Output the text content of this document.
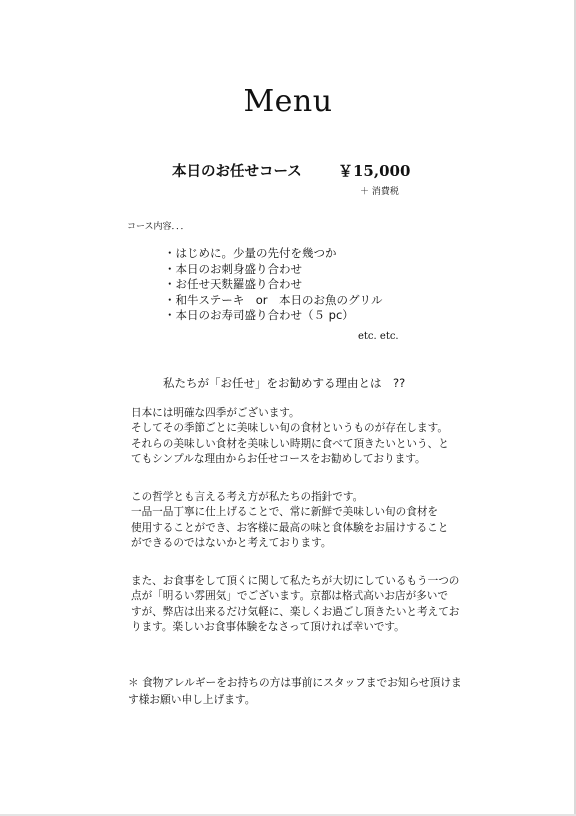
Menu
本日のお任せコース ￥15,000
＋ 消費税
コース内容．．．
・はじめに。少量の先付を幾つか
・本日のお刺身盛り合わせ
・お任せ天麩羅盛り合わせ
・和牛ステーキ　or　本日のお魚のグリル
・本日のお寿司盛り合わせ（５ pc）
etc. etc.
私たちが「お任せ」をお勧めする理由とは　??

日本には明確な四季がございます。
そしてその季節ごとに美味しい旬の食材というものが存在します。
それらの美味しい食材を美味しい時期に食べて頂きたいという、と
てもシンプルな理由からお任せコースをお勧めしております。

この哲学とも言える考え方が私たちの指針です。
一品一品丁寧に仕上げることで、常に新鮮で美味しい旬の食材を
使用することができ、お客様に最高の味と食体験をお届けすること
ができるのではないかと考えております。

また、お食事をして頂くに関して私たちが大切にしているもう一つの
点が「明るい雰囲気」でございます。京都は格式高いお店が多いで
すが、弊店は出来るだけ気軽に、楽しくお過ごし頂きたいと考えてお
ります。楽しいお食事体験をなさって頂ければ幸いです。

＊ 食物アレルギーをお持ちの方は事前にスタッフまでお知らせ頂けま
す様お願い申し上げます。
